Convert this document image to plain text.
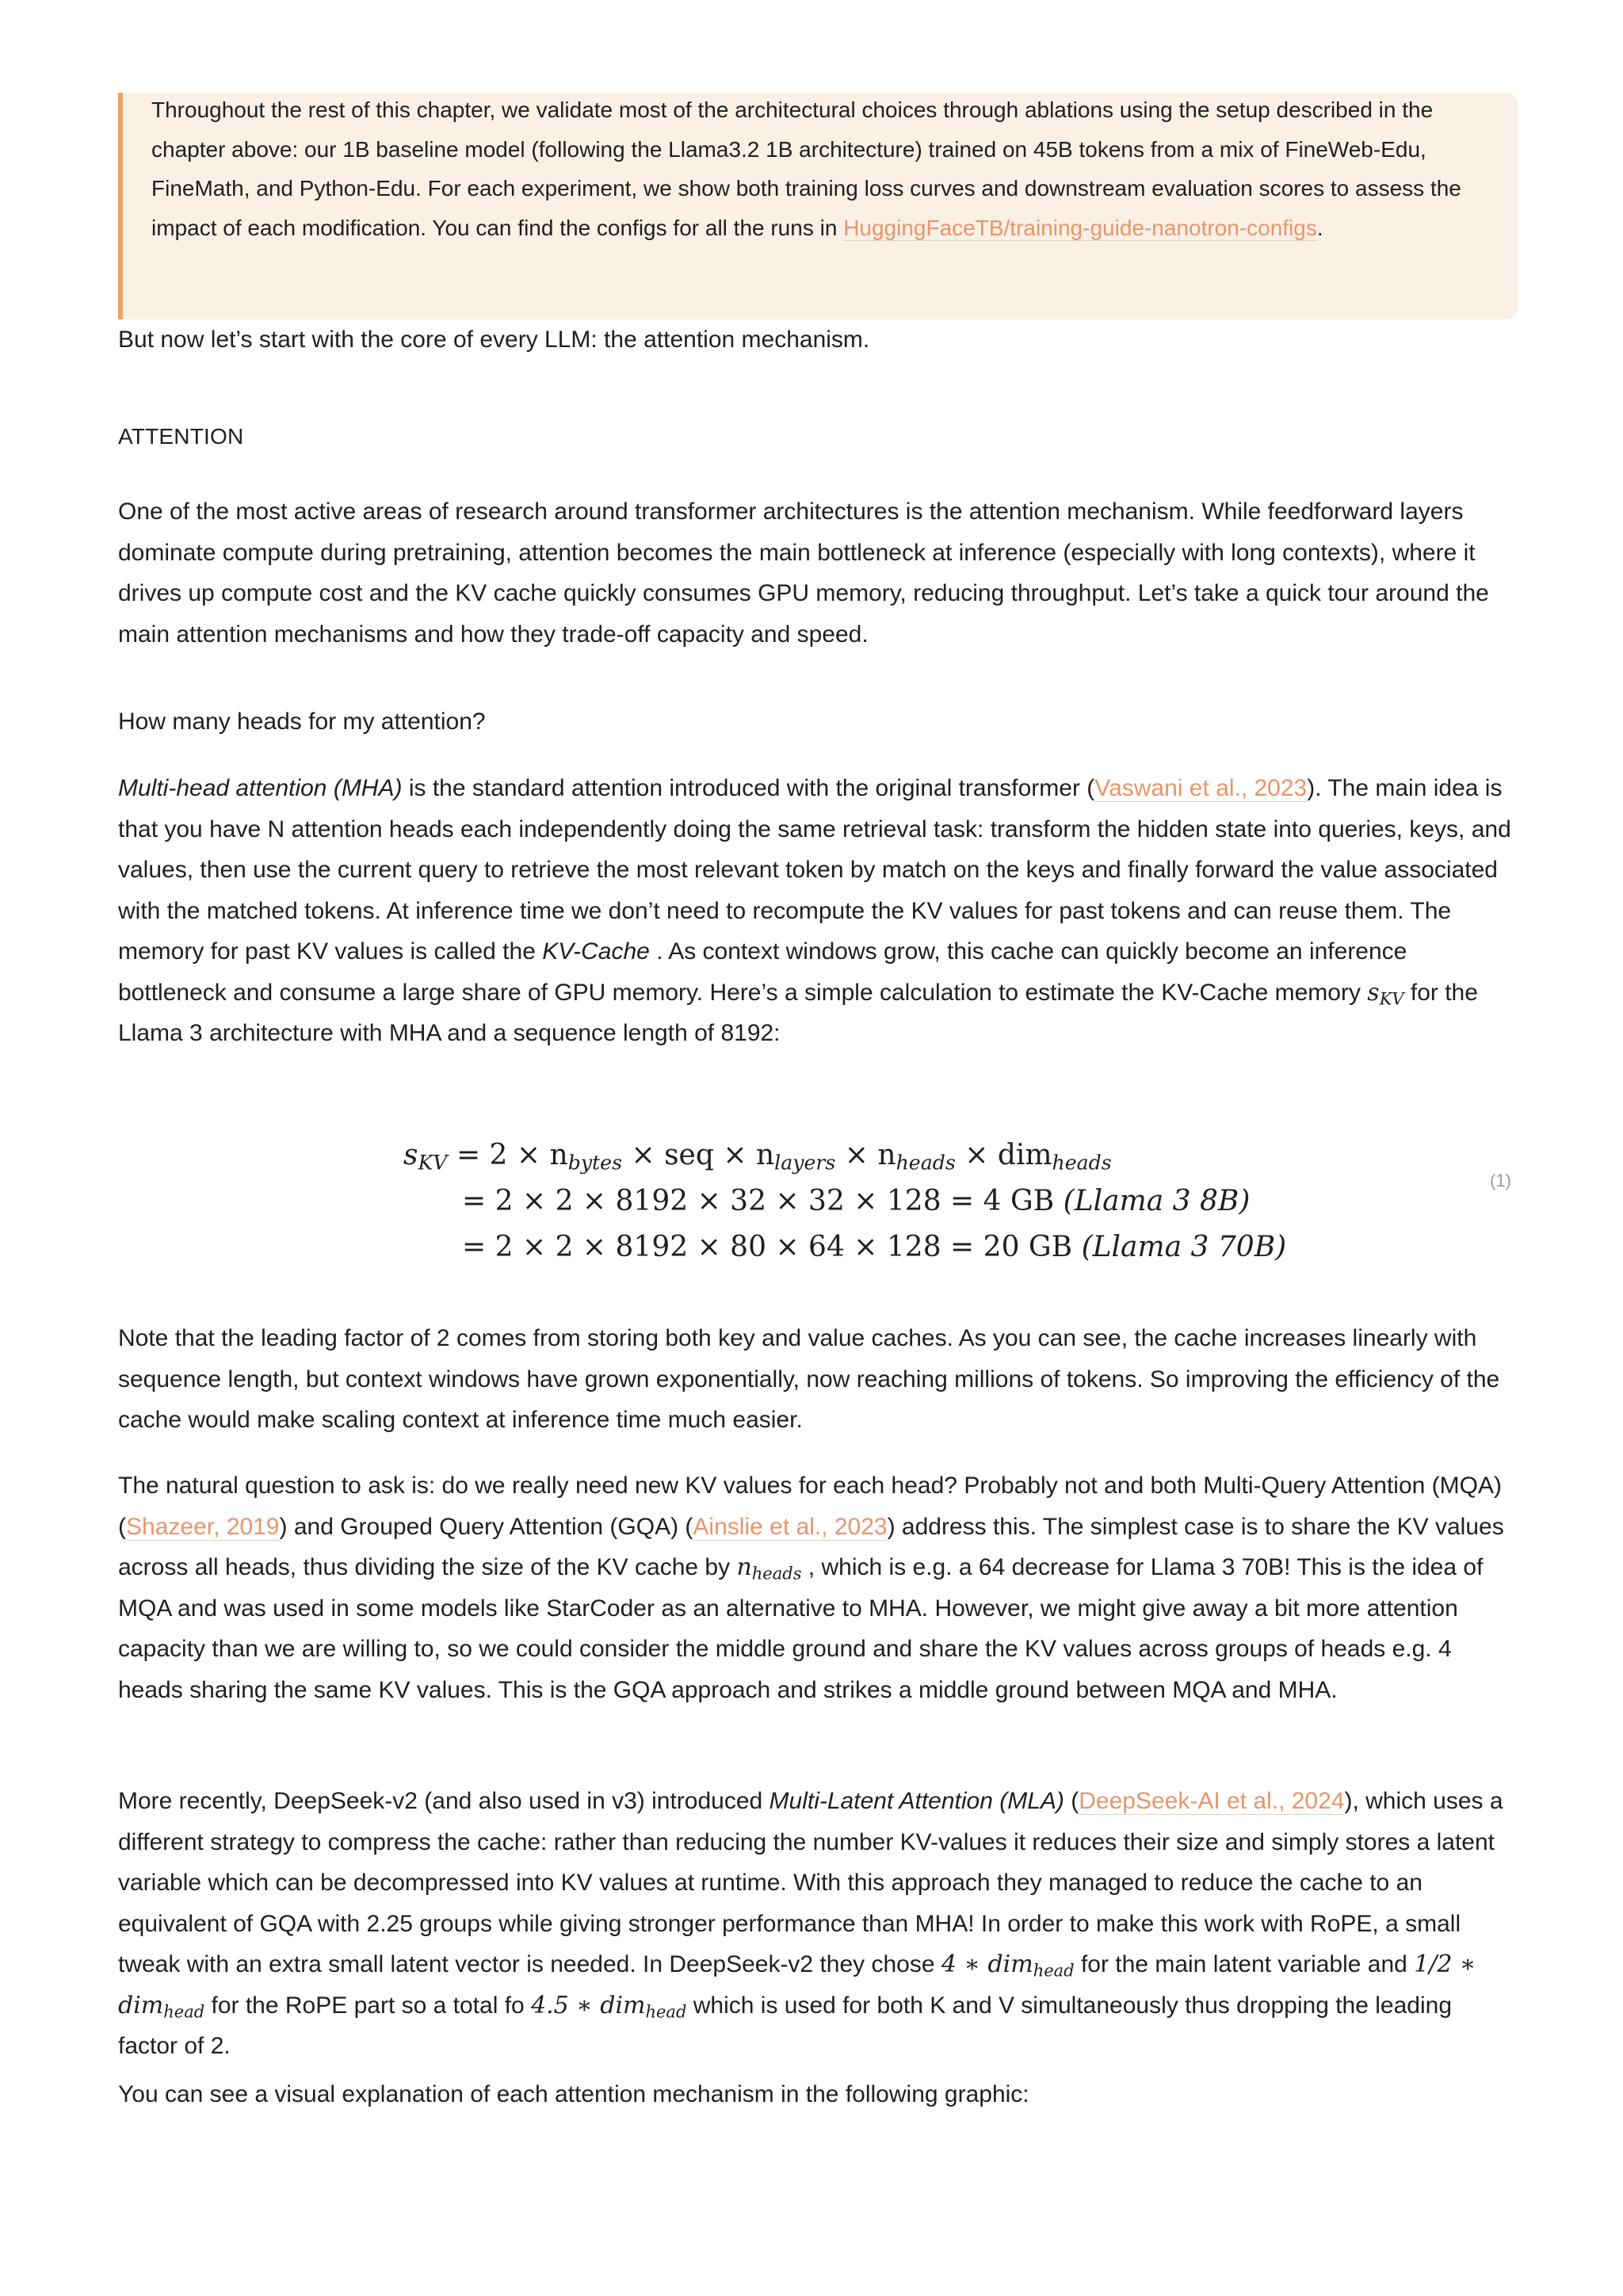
Throughout the rest of this chapter, we validate most of the architectural choices through ablations using the setup described in the chapter above: our 1B baseline model (following the Llama3.2 1B architecture) trained on 45B tokens from a mix of FineWeb-Edu, FineMath, and Python-Edu. For each experiment, we show both training loss curves and downstream evaluation scores to assess the impact of each modification. You can find the configs for all the runs in HuggingFaceTB/training-guide-nanotron-configs.

But now let’s start with the core of every LLM: the attention mechanism.

ATTENTION

One of the most active areas of research around transformer architectures is the attention mechanism. While feedforward layers dominate compute during pretraining, attention becomes the main bottleneck at inference (especially with long contexts), where it drives up compute cost and the KV cache quickly consumes GPU memory, reducing throughput. Let’s take a quick tour around the main attention mechanisms and how they trade-off capacity and speed.

How many heads for my attention?

Multi-head attention (MHA) is the standard attention introduced with the original transformer (Vaswani et al., 2023). The main idea is that you have N attention heads each independently doing the same retrieval task: transform the hidden state into queries, keys, and values, then use the current query to retrieve the most relevant token by match on the keys and finally forward the value associated with the matched tokens. At inference time we don’t need to recompute the KV values for past tokens and can reuse them. The memory for past KV values is called the KV-Cache . As context windows grow, this cache can quickly become an inference bottleneck and consume a large share of GPU memory. Here’s a simple calculation to estimate the KV-Cache memory $s_{KV}$ for the Llama 3 architecture with MHA and a sequence length of 8192:

$s_{KV} = 2 \times n_{bytes}$ × seq × $n_{layers} \times n_{heads} \times dim_{heads}$
= 2 × 2 × 8192 × 32 × 32 × 128 = 4 GB (Llama 3 8B)
= 2 × 2 × 8192 × 80 × 64 × 128 = 20 GB (Llama 3 70B)
(1)

Note that the leading factor of 2 comes from storing both key and value caches. As you can see, the cache increases linearly with sequence length, but context windows have grown exponentially, now reaching millions of tokens. So improving the efficiency of the cache would make scaling context at inference time much easier.

The natural question to ask is: do we really need new KV values for each head? Probably not and both Multi-Query Attention (MQA) (Shazeer, 2019) and Grouped Query Attention (GQA) (Ainslie et al., 2023) address this. The simplest case is to share the KV values across all heads, thus dividing the size of the KV cache by $n_{heads}$ , which is e.g. a 64 decrease for Llama 3 70B! This is the idea of MQA and was used in some models like StarCoder as an alternative to MHA. However, we might give away a bit more attention capacity than we are willing to, so we could consider the middle ground and share the KV values across groups of heads e.g. 4 heads sharing the same KV values. This is the GQA approach and strikes a middle ground between MQA and MHA.

More recently, DeepSeek-v2 (and also used in v3) introduced Multi-Latent Attention (MLA) (DeepSeek-AI et al., 2024), which uses a different strategy to compress the cache: rather than reducing the number KV-values it reduces their size and simply stores a latent variable which can be decompressed into KV values at runtime. With this approach they managed to reduce the cache to an equivalent of GQA with 2.25 groups while giving stronger performance than MHA! In order to make this work with RoPE, a small tweak with an extra small latent vector is needed. In DeepSeek-v2 they chose 4 ∗ dim$_{head}$ for the main latent variable and 1/2 ∗ dim$_{head}$ for the RoPE part so a total fo 4.5 ∗ dim$_{head}$ which is used for both K and V simultaneously thus dropping the leading factor of 2.

You can see a visual explanation of each attention mechanism in the following graphic:
